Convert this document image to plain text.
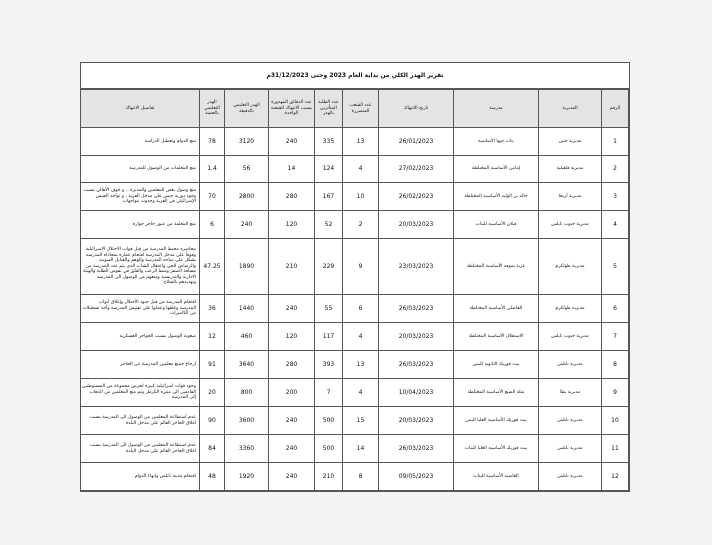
تقرير الهدر الكلي من بداية العام 2023 وحتى 31/12/2023م
الرقم	المديرية	مدرسة	تاريخ الانتهاك	عدد الشعب المتضررة	عدد الطلبة المتأثرين بالهدر	عدد الدقائق المهدورة بسبب الانتهاك للشعبة الواحدة	الهدر التعليمي بالدقيقة	الهدر التعليمي بالحصة	تفاصيل الانتهاك
1	مديرية جنين	بنات جيها الأساسية	26/01/2023	13	335	240	3120	78	منع الدوام وتعطيل الدراسة
2	مديرية قلقيلية	إماتين الأساسية المختلطة	27/02/2023	4	124	14	56	1.4	منع المعلمات من الوصول للمدرسة
3	مديرية أريحا	خالد بن الوليد الأساسية المختلطة	26/02/2023	10	167	280	2800	70	منع وصول بعض المعلمين والمديرة .. و خوف الأهالي بسبب وجود دورية جيش على مدخل القرية ، و تواجد الجيش الإسرائيلي في القرية وحدوث مواجهات
4	مديرية جنوب نابلس	قبلان الأساسية للبنات	20/03/2023	2	52	120	240	6	منع المعلمة من عبور حاجز حوارة
5	مديرية طولكرم	عزبة شوفه الأساسية المختلطة	23/03/2023	9	229	210	1890	47.25	محاصرة محيط المدرسة من قبل قوات الاحتلال الاسرائيلية وقوفاً على مدخل المدرسة اقتحام عمارة بمحاذاة المدرسة بشكل على ساحة المدرسة والوهم والقنابل الصوتية والرصاص الحي واعتقال الشاب الذي يتم عدد المدرسة من مسافة الصفر وسط الرعب والقلق في نفوس الطلبة والهيئة الادارية والتدريسية ومنعهم من الوصول الى المدرسة وتهديدهم بالسلاح
6	مديرية طولكرم	الفاضلي الأساسية المختلطة	26/03/2023	6	55	240	1440	36	اقتحام المدرسة من قبل جنود الأحتلال وإغلاق أبواب المدرسة وغلقها وعملوا على تفتيش المدرسة وأخذ تسجيلات من الكاميرات
7	مديرية جنوب نابلس	الاستقلال الأساسية المختلطة	20/03/2023	4	117	120	460	12	صعوبة الوصول بسبب الحواجز العسكرية
8	مديرية نابلس	بيت فوريك الثانوية للبنين	26/03/2023	13	393	280	3640	91	ارجاع جميع معلمين المدرسة عن الحاجز
9	مديرية يطا	مثلة الضبع الأساسية المختلطة	10/04/2023	4	7	200	800	20	وجود قوات اسرائيلية كبيرة لحرس مجموعة من المستوطنين القادمين الى منتزه الكرمل وتم منع المعلمين من الذهاب إلى المدرسة
10	مديرية نابلس	بيت فوريك الأساسية العليا للبنين	20/03/2023	15	500	240	3600	90	عدم استطاعة المعلمين من الوصول الى المدرسة بسبب اغلاق الحاجز القائم على مدخل البلدة
11	مديرية نابلس	بيت فوريك الأساسية العليا للبنات	26/03/2023	14	500	240	3360	84	عدم استطاعة المعلمين من الوصول الى المدرسة بسبب اغلاق الحاجز القائم على مدخل البلدة
12	مديرية نابلس	الغاضية الأساسية للبنات	09/05/2023	8	210	240	1920	48	اقتحام مدينة نابلس وانهاء الدوام
